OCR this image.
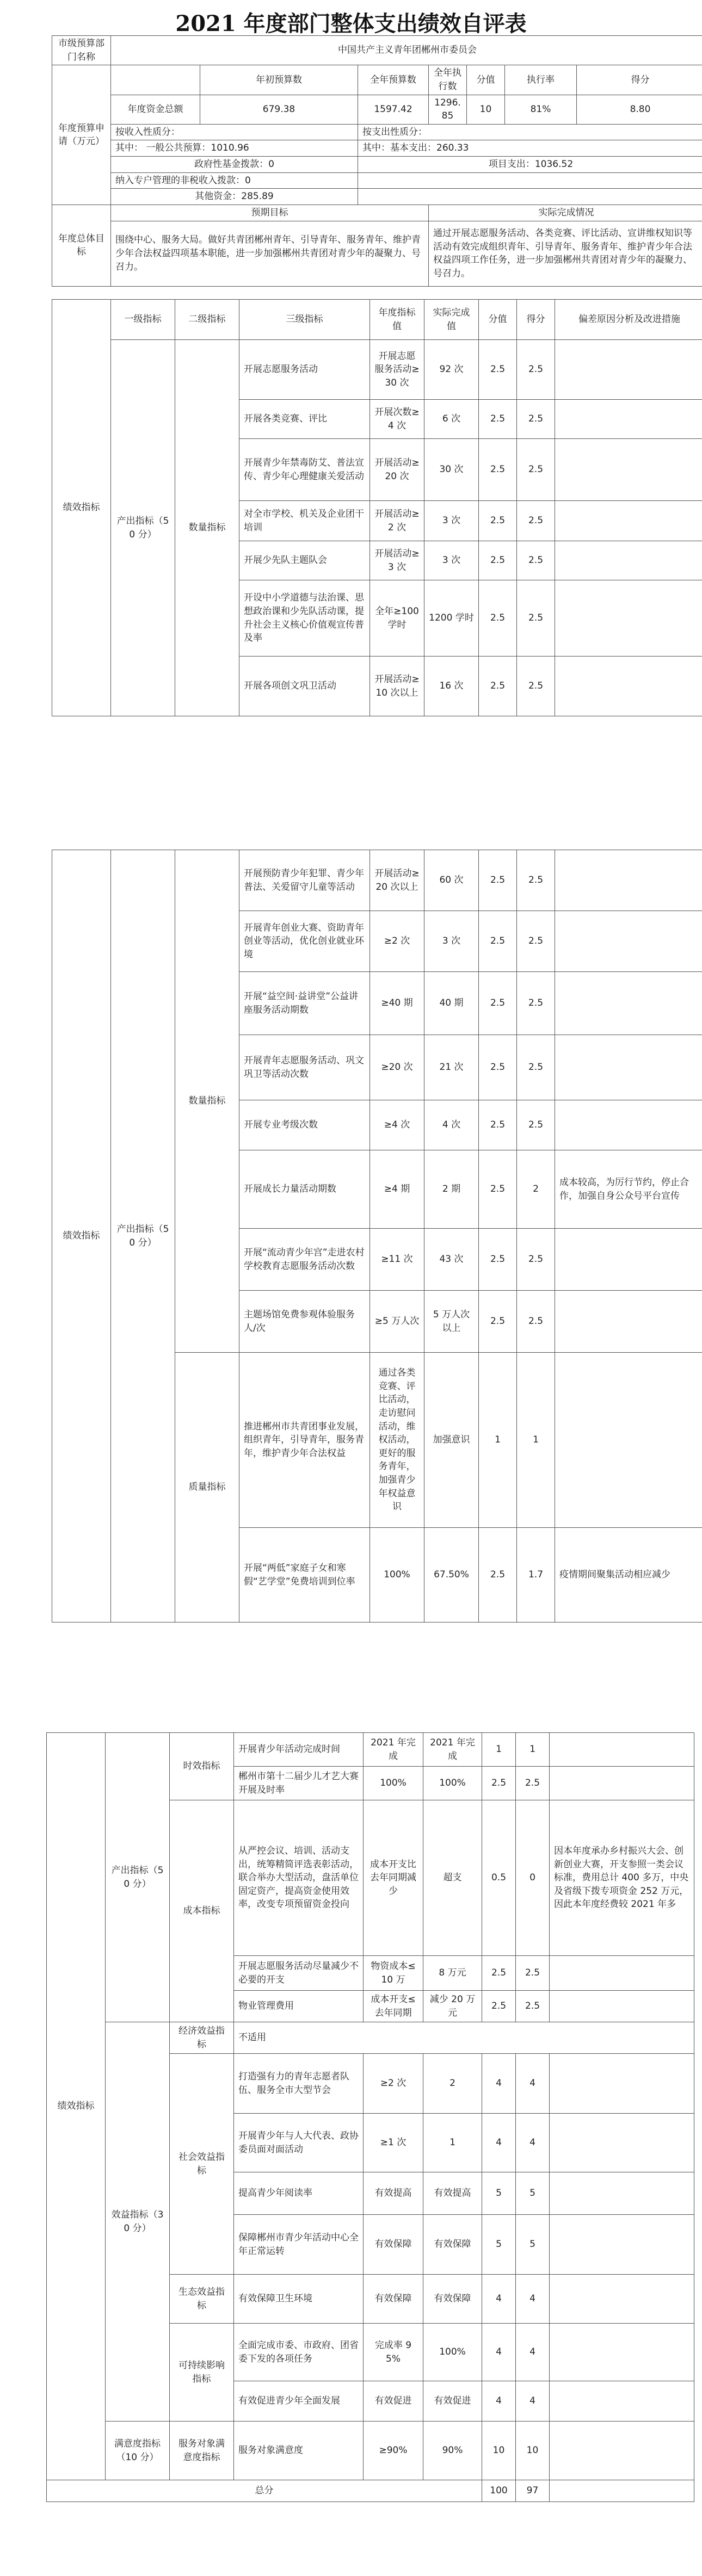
2021 年度部门整体支出绩效自评表
市级预算部门名称	中国共产主义青年团郴州市委员会						
年度预算申请（万元）		年初预算数	全年预算数	全年执行数	分值	执行率	得分
	年度资金总额	679.38	1597.42	1296.85	10	81%	8.80
	按收入性质分：		按支出性质分：				
	其中： 一般公共预算：1010.96		其中：基本支出：260.33				
	政府性基金拨款：0		项目支出：1036.52				
	纳入专户管理的非税收入拨款：0						
	其他资金：285.89						
年度总体目标	预期目标			实际完成情况			
	围绕中心、服务大局。做好共青团郴州青年、引导青年、服务青年、维护青少年合法权益四项基本职能，进一步加强郴州共青团对青少年的凝聚力、号召力。			通过开展志愿服务活动、各类竞赛、评比活动、宣讲维权知识等活动有效完成组织青年、引导青年、服务青年、维护青少年合法权益四项工作任务，进一步加强郴州共青团对青少年的凝聚力、号召力。			
绩效指标	一级指标	二级指标	三级指标	年度指标值	实际完成值	分值	得分	偏差原因分析及改进措施
	产出指标（50 分）	数量指标	开展志愿服务活动	开展志愿服务活动≥30 次	92 次	2.5	2.5	
			开展各类竞赛、评比	开展次数≥4 次	6 次	2.5	2.5	
			开展青少年禁毒防艾、普法宣传、青少年心理健康关爱活动	开展活动≥20 次	30 次	2.5	2.5	
			对全市学校、机关及企业团干培训	开展活动≥2 次	3 次	2.5	2.5	
			开展少先队主题队会	开展活动≥3 次	3 次	2.5	2.5	
			开设中小学道德与法治课、思想政治课和少先队活动课，提升社会主义核心价值观宣传普及率	全年≥100 学时	1200 学时	2.5	2.5	
			开展各项创文巩卫活动	开展活动≥10 次以上	16 次	2.5	2.5	
绩效指标	产出指标（50 分）	数量指标	开展预防青少年犯罪、青少年普法、关爱留守儿童等活动	开展活动≥20 次以上	60 次	2.5	2.5	
			开展青年创业大赛、资助青年创业等活动，优化创业就业环境	≥2 次	3 次	2.5	2.5	
			开展“益空间·益讲堂”公益讲座服务活动期数	≥40 期	40 期	2.5	2.5	
			开展青年志愿服务活动、巩文巩卫等活动次数	≥20 次	21 次	2.5	2.5	
			开展专业考级次数	≥4 次	4 次	2.5	2.5	
			开展成长力量活动期数	≥4 期	2 期	2.5	2	成本较高，为厉行节约，停止合作，加强自身公众号平台宣传
			开展“流动青少年宫”走进农村学校教育志愿服务活动次数	≥11 次	43 次	2.5	2.5	
			主题场馆免费参观体验服务人/次	≥5 万人次	5 万人次以上	2.5	2.5	
		质量指标	推进郴州市共青团事业发展，组织青年，引导青年，服务青年，维护青少年合法权益	通过各类竞赛、评比活动，走访慰问活动，维权活动，更好的服务青年，加强青少年权益意识	加强意识	1	1	
			开展“两低”家庭子女和寒假“艺学堂”免费培训到位率	100%	67.50%	2.5	1.7	疫情期间聚集活动相应减少
绩效指标	产出指标（50 分）	时效指标	开展青少年活动完成时间	2021 年完成	2021 年完成	1	1	
			郴州市第十二届少儿才艺大赛开展及时率	100%	100%	2.5	2.5	
		成本指标	从严控会议、培训、活动支出，统筹精简评选表彰活动，联合举办大型活动，盘活单位固定资产，提高资金使用效率，改变专项预留资金投向	成本开支比去年同期减少	超支	0.5	0	因本年度承办乡村振兴大会、创新创业大赛，开支参照一类会议标准，费用总计 400 多万，中央及省级下拨专项资金 252 万元，因此本年度经费较 2021 年多
			开展志愿服务活动尽量减少不必要的开支	物资成本≤10 万	8 万元	2.5	2.5	
			物业管理费用	成本开支≤去年同期	减少 20 万元	2.5	2.5	
	效益指标（30 分）	经济效益指标	不适用					
		社会效益指标	打造强有力的青年志愿者队伍、服务全市大型节会	≥2 次	2	4	4	
			开展青少年与人大代表、政协委员面对面活动	≥1 次	1	4	4	
			提高青少年阅读率	有效提高	有效提高	5	5	
			保障郴州市青少年活动中心全年正常运转	有效保障	有效保障	5	5	
		生态效益指标	有效保障卫生环境	有效保障	有效保障	4	4	
		可持续影响指标	全面完成市委、市政府、团省委下发的各项任务	完成率 95%	100%	4	4	
			有效促进青少年全面发展	有效促进	有效促进	4	4	
	满意度指标（10 分）	服务对象满意度指标	服务对象满意度	≥90%	90%	10	10	
总分						100	97	
